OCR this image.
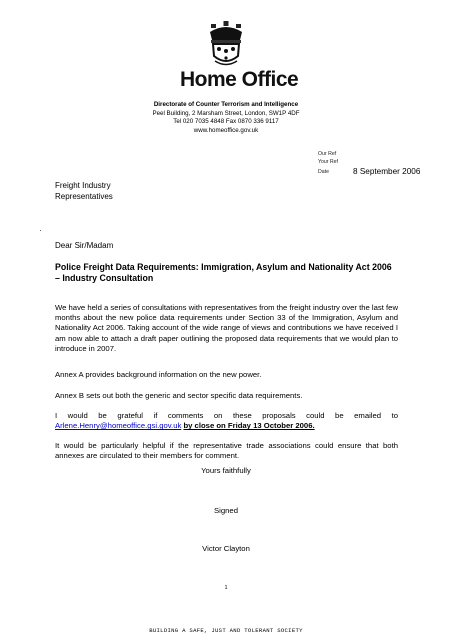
Home Office
Directorate of Counter Terrorism and Intelligence
Peel Building, 2 Marsham Street, London, SW1P 4DF
Tel 020 7035 4848 Fax 0870 336 9117
www.homeoffice.gov.uk
Our Ref
Your Ref
Date	8 September 2006
Freight Industry
Representatives
Dear Sir/Madam
Police Freight Data Requirements: Immigration, Asylum and Nationality Act 2006 – Industry Consultation
We have held a series of consultations with representatives from the freight industry over the last few months about the new police data requirements under Section 33 of the Immigration, Asylum and Nationality Act 2006. Taking account of the wide range of views and contributions we have received I am now able to attach a draft paper outlining the proposed data requirements that we would plan to introduce in 2007.
Annex A provides background information on the new power.
Annex B sets out both the generic and sector specific data requirements.
I would be grateful if comments on these proposals could be emailed to Arlene.Henry@homeoffice.gsi.gov.uk by close on Friday 13 October 2006.
It would be particularly helpful if the representative trade associations could ensure that both annexes are circulated to their members for comment.
Yours faithfully
Signed
Victor Clayton
1
BUILDING A SAFE, JUST AND TOLERANT SOCIETY
